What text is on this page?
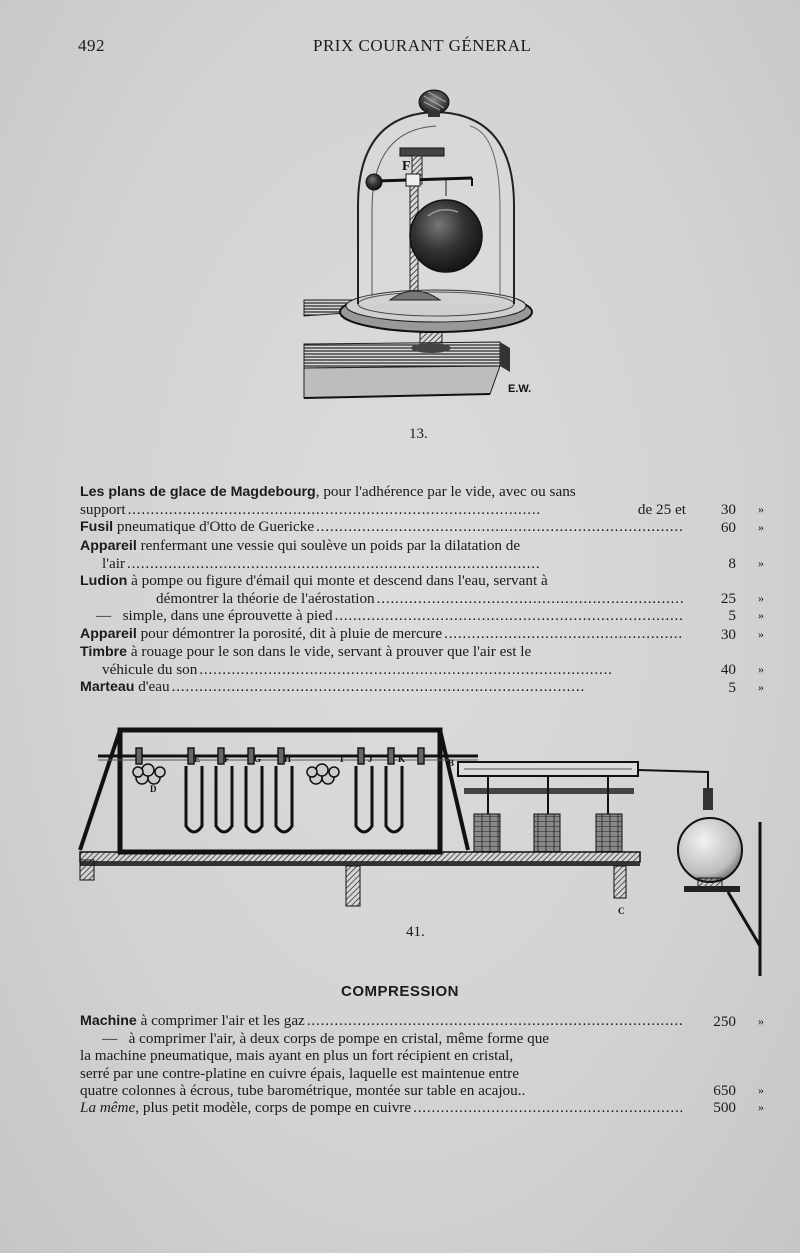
492	PRIX COURANT GÉNERAL
F
E.W.
13.
Les plans de glace de Magdebourg, pour l'adhérence par le vide, avec ou sans
support . . .	de 25 et 30 »
Fusil pneumatique d'Otto de Guericke . . .	60 »
Appareil renfermant une vessie qui soulève un poids par la dilatation de
l'air . . .	8 »
Ludion à pompe ou figure d'émail qui monte et descend dans l'eau, servant à
démontrer la théorie de l'aérostation . . .	25 »
—   simple, dans une éprouvette à pied . . .	5 »
Appareil pour démontrer la porosité, dit à pluie de mercure . . .	30 »
Timbre à rouage pour le son dans le vide, servant à prouver que l'air est le
véhicule du son . . .	40 »
Marteau d'eau . . .	5 »
D
E	F	G	H	I	J	K	B
C
41.
COMPRESSION
Machine à comprimer l'air et les gaz . . .	250 »
—   à comprimer l'air, à deux corps de pompe en cristal, même forme que
la machine pneumatique, mais ayant en plus un fort récipient en cristal,
serré par une contre-platine en cuivre épais, laquelle est maintenue entre
quatre colonnes à écrous, tube barométrique, montée sur table en acajou..	650 »
La même, plus petit modèle, corps de pompe en cuivre . . .	500 »
